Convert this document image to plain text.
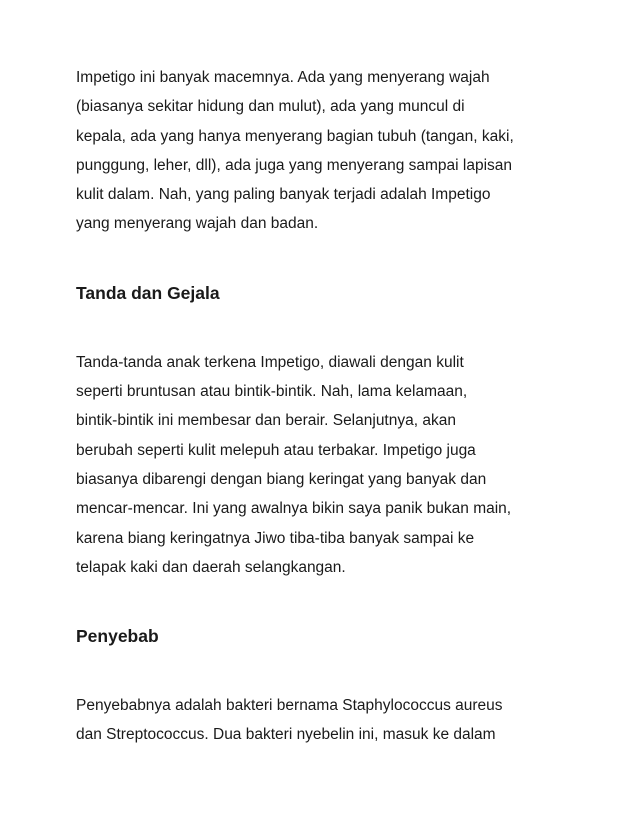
Impetigo ini banyak macemnya. Ada yang menyerang wajah
(biasanya sekitar hidung dan mulut), ada yang muncul di
kepala, ada yang hanya menyerang bagian tubuh (tangan, kaki,
punggung, leher, dll), ada juga yang menyerang sampai lapisan
kulit dalam. Nah, yang paling banyak terjadi adalah Impetigo
yang menyerang wajah dan badan.

Tanda dan Gejala

Tanda-tanda anak terkena Impetigo, diawali dengan kulit
seperti bruntusan atau bintik-bintik. Nah, lama kelamaan,
bintik-bintik ini membesar dan berair. Selanjutnya, akan
berubah seperti kulit melepuh atau terbakar. Impetigo juga
biasanya dibarengi dengan biang keringat yang banyak dan
mencar-mencar. Ini yang awalnya bikin saya panik bukan main,
karena biang keringatnya Jiwo tiba-tiba banyak sampai ke
telapak kaki dan daerah selangkangan.

Penyebab

Penyebabnya adalah bakteri bernama Staphylococcus aureus
dan Streptococcus. Dua bakteri nyebelin ini, masuk ke dalam
